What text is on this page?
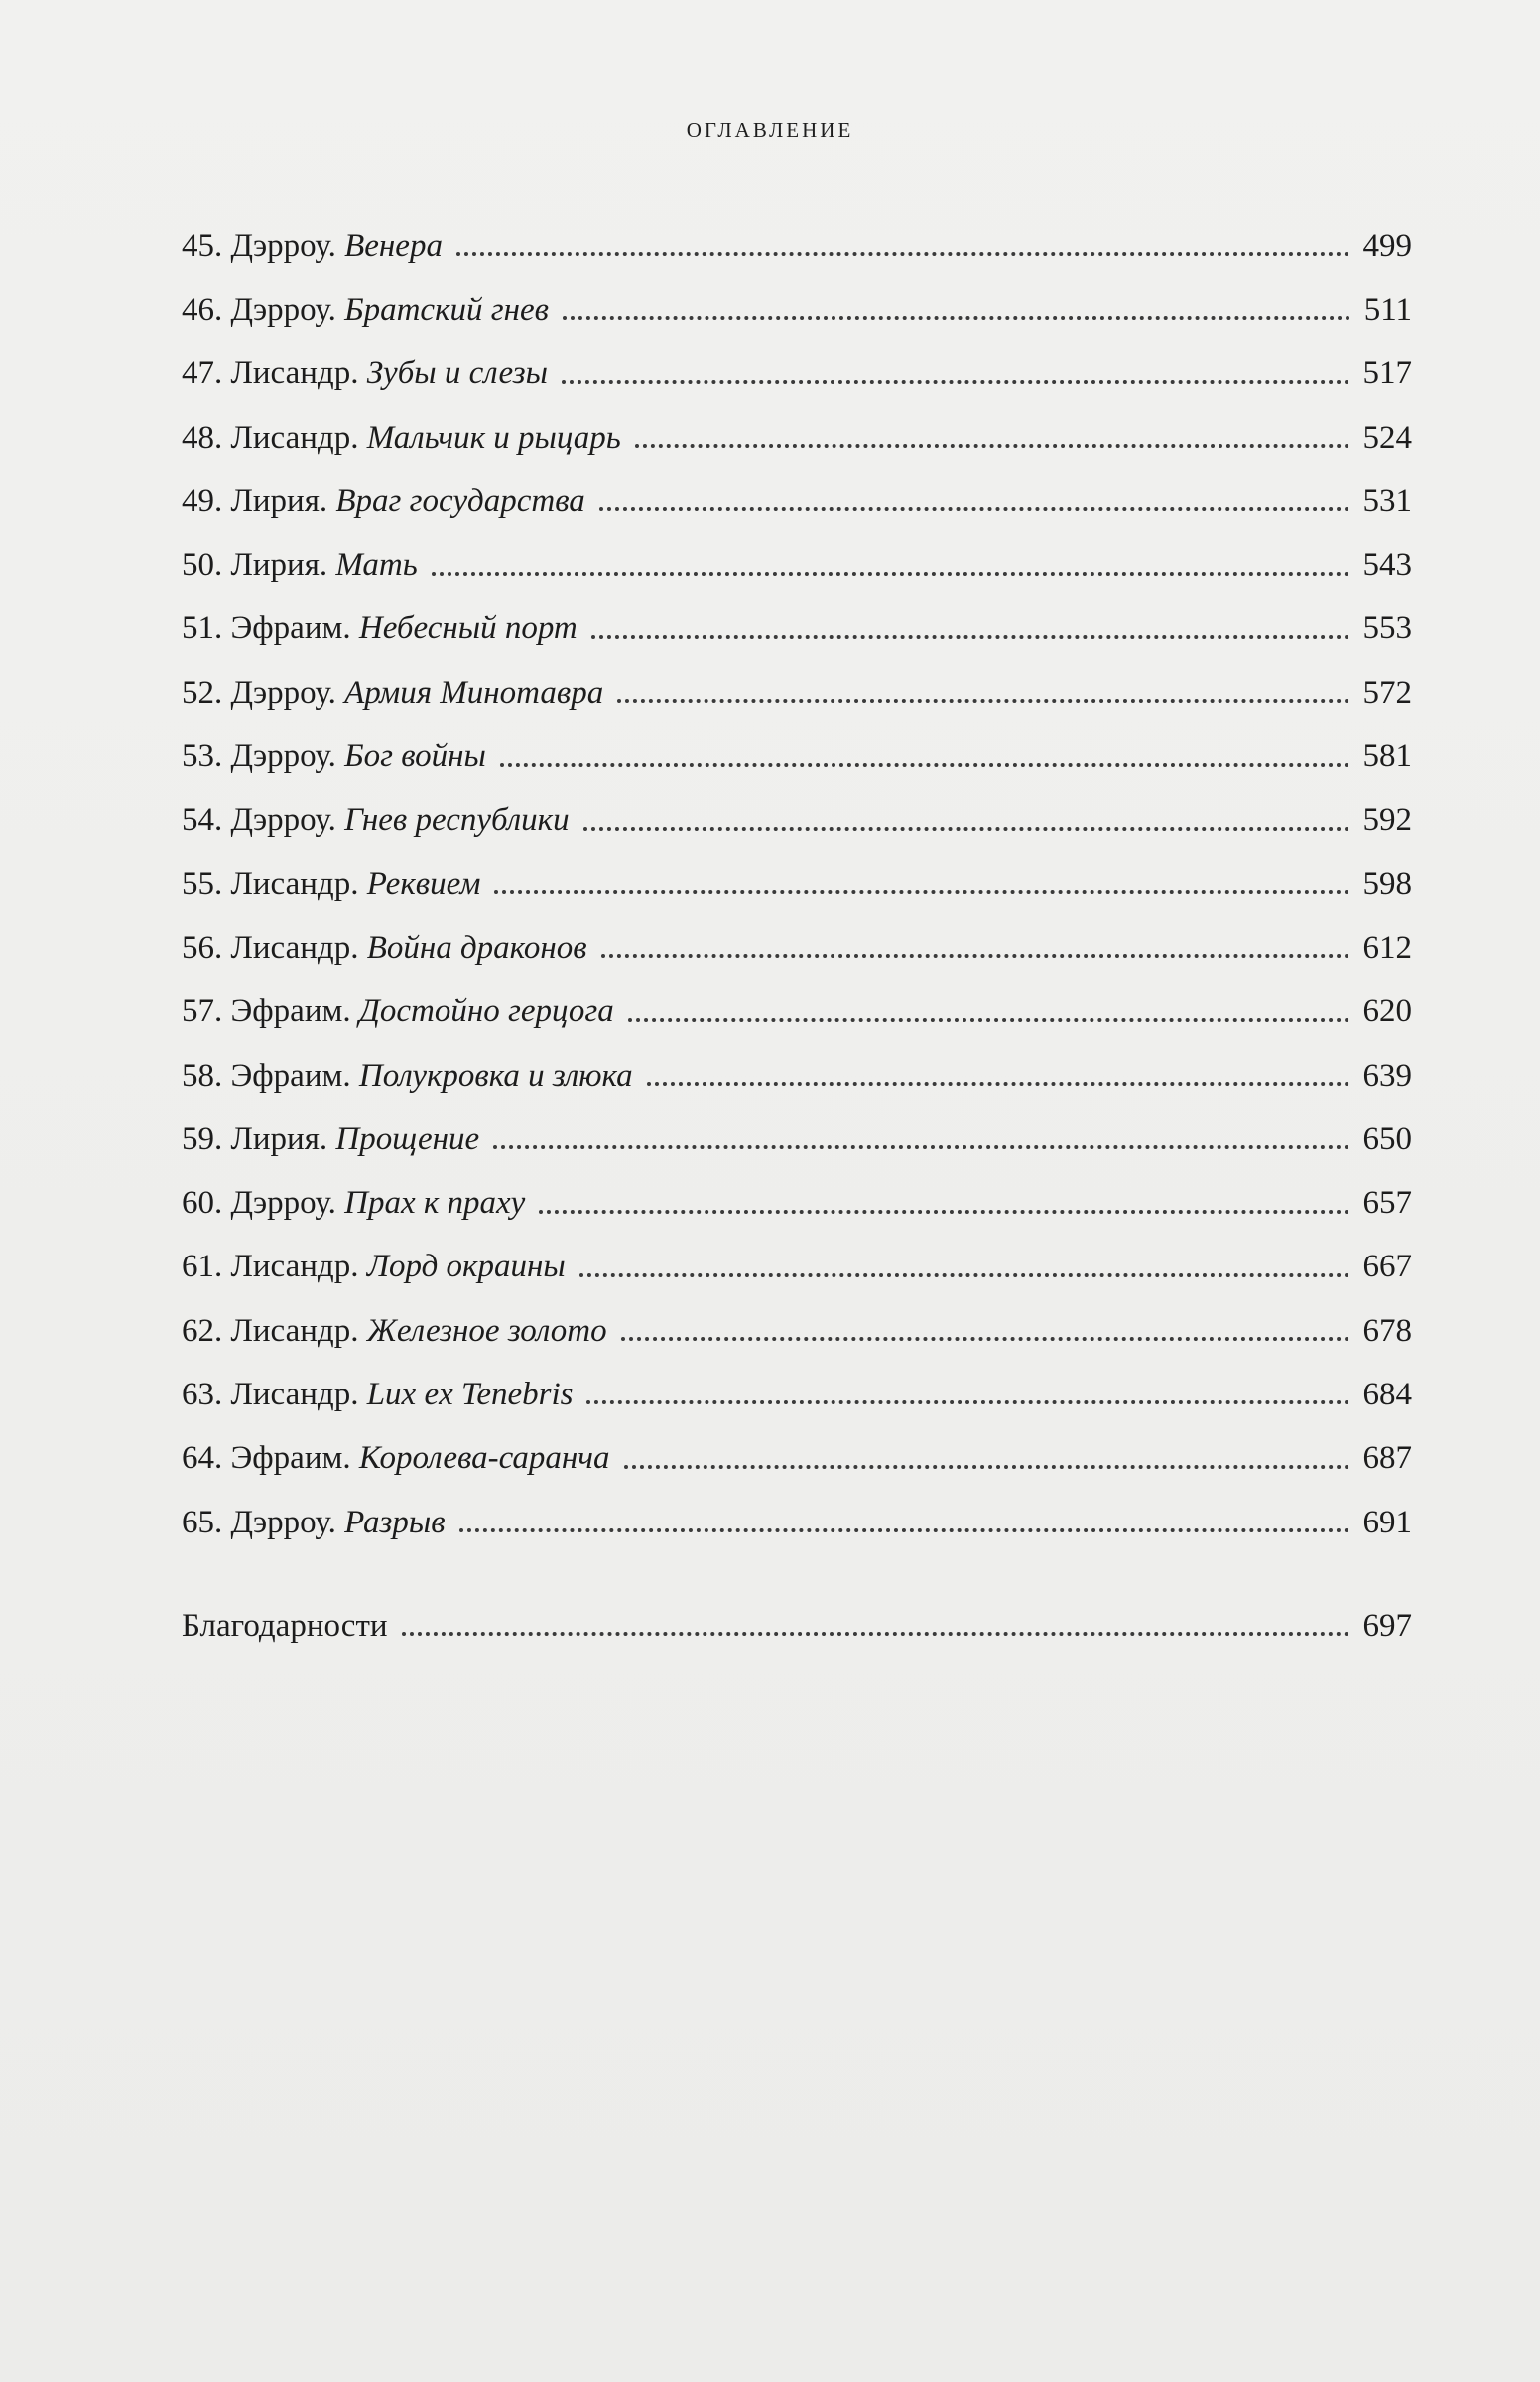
оглавление
45. Дэрроу. Венера	499
46. Дэрроу. Братский гнев	511
47. Лисандр. Зубы и слезы	517
48. Лисандр. Мальчик и рыцарь	524
49. Лирия. Враг государства	531
50. Лирия. Мать	543
51. Эфраим. Небесный порт	553
52. Дэрроу. Армия Минотавра	572
53. Дэрроу. Бог войны	581
54. Дэрроу. Гнев республики	592
55. Лисандр. Реквием	598
56. Лисандр. Война драконов	612
57. Эфраим. Достойно герцога	620
58. Эфраим. Полукровка и злюка	639
59. Лирия. Прощение	650
60. Дэрроу. Прах к праху	657
61. Лисандр. Лорд окраины	667
62. Лисандр. Железное золото	678
63. Лисандр. Lux ex Tenebris	684
64. Эфраим. Королева-саранча	687
65. Дэрроу. Разрыв	691
Благодарности	697
